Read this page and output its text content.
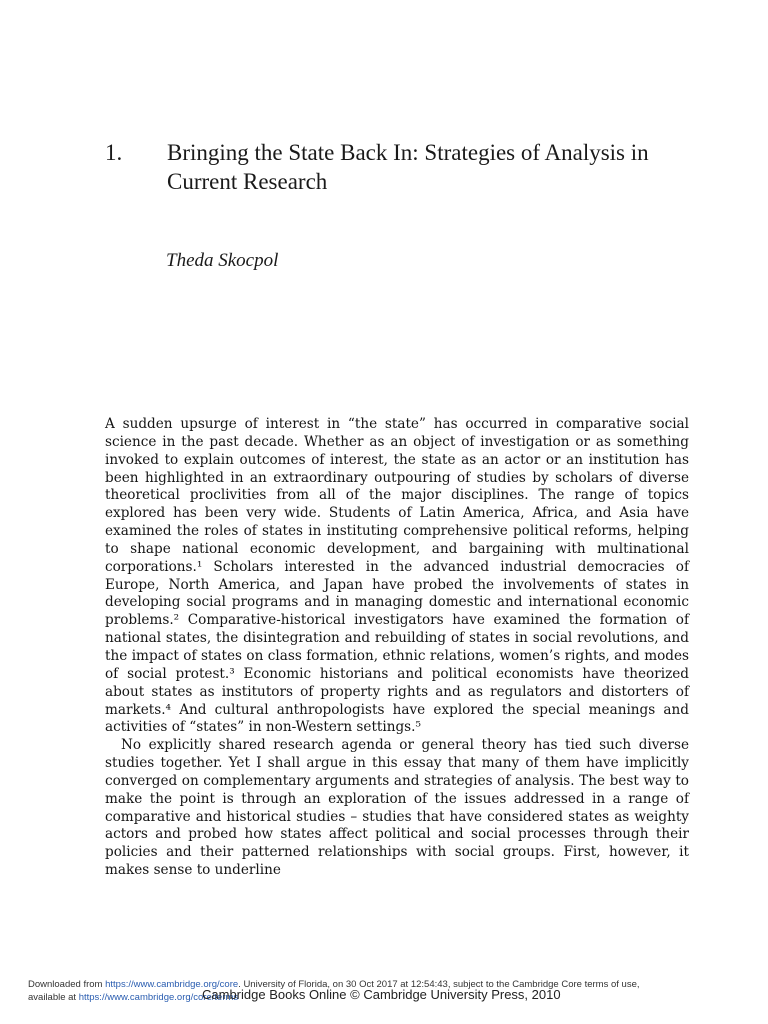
1. Bringing the State Back In: Strategies of Analysis in Current Research
Theda Skocpol

A sudden upsurge of interest in “the state” has occurred in comparative social science in the past decade. Whether as an object of investigation or as something invoked to explain outcomes of interest, the state as an actor or an institution has been highlighted in an extraordinary outpouring of studies by scholars of diverse theoretical proclivities from all of the major disciplines. The range of topics explored has been very wide. Students of Latin America, Africa, and Asia have examined the roles of states in instituting comprehensive political reforms, helping to shape national economic development, and bargaining with multinational corporations.¹ Scholars interested in the advanced industrial democracies of Europe, North America, and Japan have probed the involvements of states in developing social programs and in managing domestic and international economic problems.² Comparative-historical investigators have examined the formation of national states, the disintegration and rebuilding of states in social revolutions, and the impact of states on class formation, ethnic relations, women’s rights, and modes of social protest.³ Economic historians and political economists have theorized about states as institutors of property rights and as regulators and distorters of markets.⁴ And cultural anthropologists have explored the special meanings and activities of “states” in non-Western settings.⁵

No explicitly shared research agenda or general theory has tied such diverse studies together. Yet I shall argue in this essay that many of them have implicitly converged on complementary arguments and strategies of analysis. The best way to make the point is through an exploration of the issues addressed in a range of comparative and historical studies – studies that have considered states as weighty actors and probed how states affect political and social processes through their policies and their patterned relationships with social groups. First, however, it makes sense to underline

Downloaded from https://www.cambridge.org/core. University of Florida, on 30 Oct 2017 at 12:54:43, subject to the Cambridge Core terms of use,
available at https://www.cambridge.org/core/terms
Cambridge Books Online © Cambridge University Press, 2010
